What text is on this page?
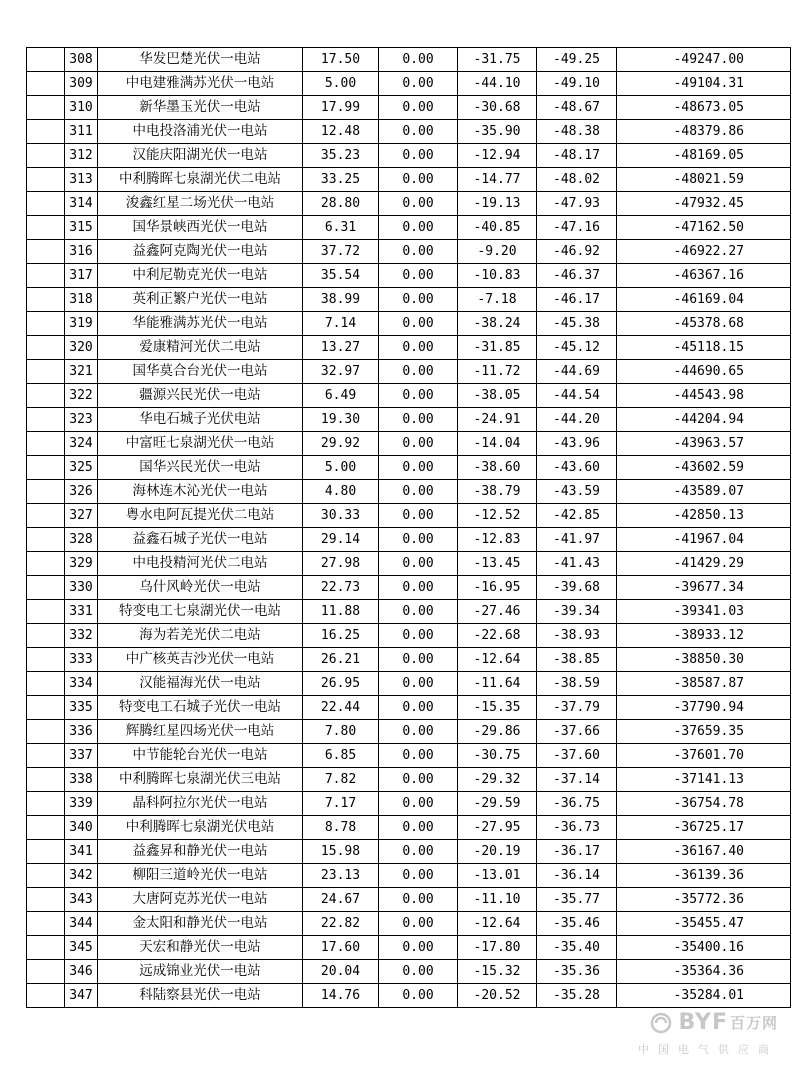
	308	华发巴楚光伏一电站	17.50	0.00	-31.75	-49.25	-49247.00
	309	中电建雅满苏光伏一电站	5.00	0.00	-44.10	-49.10	-49104.31
	310	新华墨玉光伏一电站	17.99	0.00	-30.68	-48.67	-48673.05
	311	中电投洛浦光伏一电站	12.48	0.00	-35.90	-48.38	-48379.86
	312	汉能庆阳湖光伏一电站	35.23	0.00	-12.94	-48.17	-48169.05
	313	中利腾晖七泉湖光伏二电站	33.25	0.00	-14.77	-48.02	-48021.59
	314	浚鑫红星二场光伏一电站	28.80	0.00	-19.13	-47.93	-47932.45
	315	国华景峡西光伏一电站	6.31	0.00	-40.85	-47.16	-47162.50
	316	益鑫阿克陶光伏一电站	37.72	0.00	-9.20	-46.92	-46922.27
	317	中利尼勒克光伏一电站	35.54	0.00	-10.83	-46.37	-46367.16
	318	英利正繁户光伏一电站	38.99	0.00	-7.18	-46.17	-46169.04
	319	华能雅满苏光伏一电站	7.14	0.00	-38.24	-45.38	-45378.68
	320	爱康精河光伏二电站	13.27	0.00	-31.85	-45.12	-45118.15
	321	国华莫合台光伏一电站	32.97	0.00	-11.72	-44.69	-44690.65
	322	疆源兴民光伏一电站	6.49	0.00	-38.05	-44.54	-44543.98
	323	华电石城子光伏电站	19.30	0.00	-24.91	-44.20	-44204.94
	324	中富旺七泉湖光伏一电站	29.92	0.00	-14.04	-43.96	-43963.57
	325	国华兴民光伏一电站	5.00	0.00	-38.60	-43.60	-43602.59
	326	海林连木沁光伏一电站	4.80	0.00	-38.79	-43.59	-43589.07
	327	粤水电阿瓦提光伏二电站	30.33	0.00	-12.52	-42.85	-42850.13
	328	益鑫石城子光伏一电站	29.14	0.00	-12.83	-41.97	-41967.04
	329	中电投精河光伏二电站	27.98	0.00	-13.45	-41.43	-41429.29
	330	乌什风岭光伏一电站	22.73	0.00	-16.95	-39.68	-39677.34
	331	特变电工七泉湖光伏一电站	11.88	0.00	-27.46	-39.34	-39341.03
	332	海为若羌光伏二电站	16.25	0.00	-22.68	-38.93	-38933.12
	333	中广核英吉沙光伏一电站	26.21	0.00	-12.64	-38.85	-38850.30
	334	汉能福海光伏一电站	26.95	0.00	-11.64	-38.59	-38587.87
	335	特变电工石城子光伏一电站	22.44	0.00	-15.35	-37.79	-37790.94
	336	辉腾红星四场光伏一电站	7.80	0.00	-29.86	-37.66	-37659.35
	337	中节能轮台光伏一电站	6.85	0.00	-30.75	-37.60	-37601.70
	338	中利腾晖七泉湖光伏三电站	7.82	0.00	-29.32	-37.14	-37141.13
	339	晶科阿拉尔光伏一电站	7.17	0.00	-29.59	-36.75	-36754.78
	340	中利腾晖七泉湖光伏电站	8.78	0.00	-27.95	-36.73	-36725.17
	341	益鑫昇和静光伏一电站	15.98	0.00	-20.19	-36.17	-36167.40
	342	柳阳三道岭光伏一电站	23.13	0.00	-13.01	-36.14	-36139.36
	343	大唐阿克苏光伏一电站	24.67	0.00	-11.10	-35.77	-35772.36
	344	金太阳和静光伏一电站	22.82	0.00	-12.64	-35.46	-35455.47
	345	天宏和静光伏一电站	17.60	0.00	-17.80	-35.40	-35400.16
	346	远成锦业光伏一电站	20.04	0.00	-15.32	-35.36	-35364.36
	347	科陆察县光伏一电站	14.76	0.00	-20.52	-35.28	-35284.01
BYF 百万网
中国电气供应商
